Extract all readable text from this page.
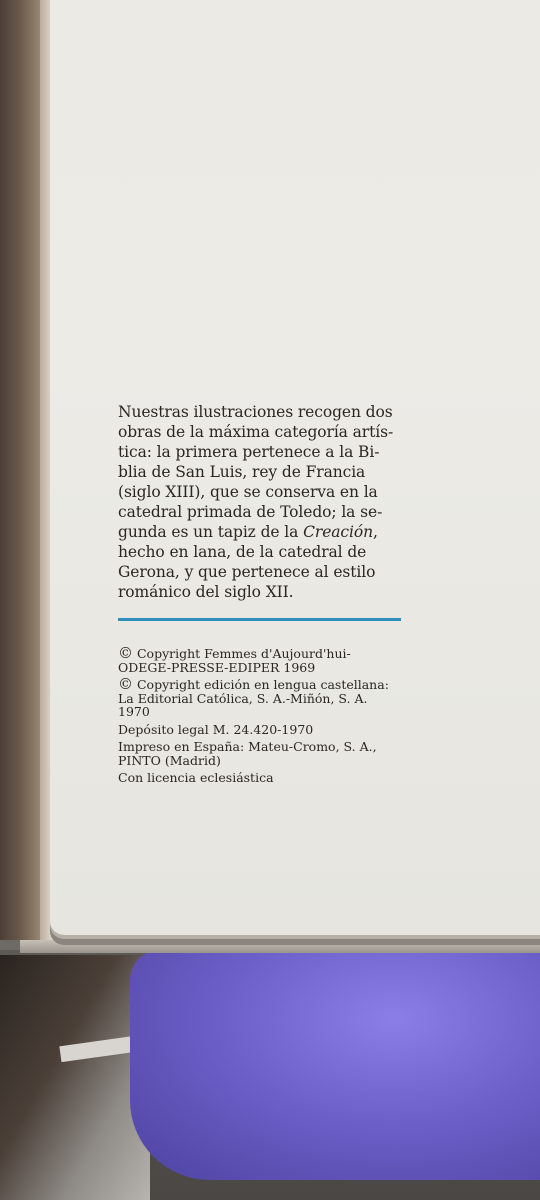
Nuestras ilustraciones recogen dos
obras de la máxima categoría artís-
tica: la primera pertenece a la Bi-
blia de San Luis, rey de Francia
(siglo XIII), que se conserva en la
catedral primada de Toledo; la se-
gunda es un tapiz de la Creación,
hecho en lana, de la catedral de
Gerona, y que pertenece al estilo
románico del siglo XII.

© Copyright Femmes d'Aujourd'hui-
ODEGE-PRESSE-EDIPER 1969

© Copyright edición en lengua castellana:
La Editorial Católica, S. A.-Miñón, S. A.
1970

Depósito legal M. 24.420-1970

Impreso en España: Mateu-Cromo, S. A.,
PINTO (Madrid)

Con licencia eclesiástica
